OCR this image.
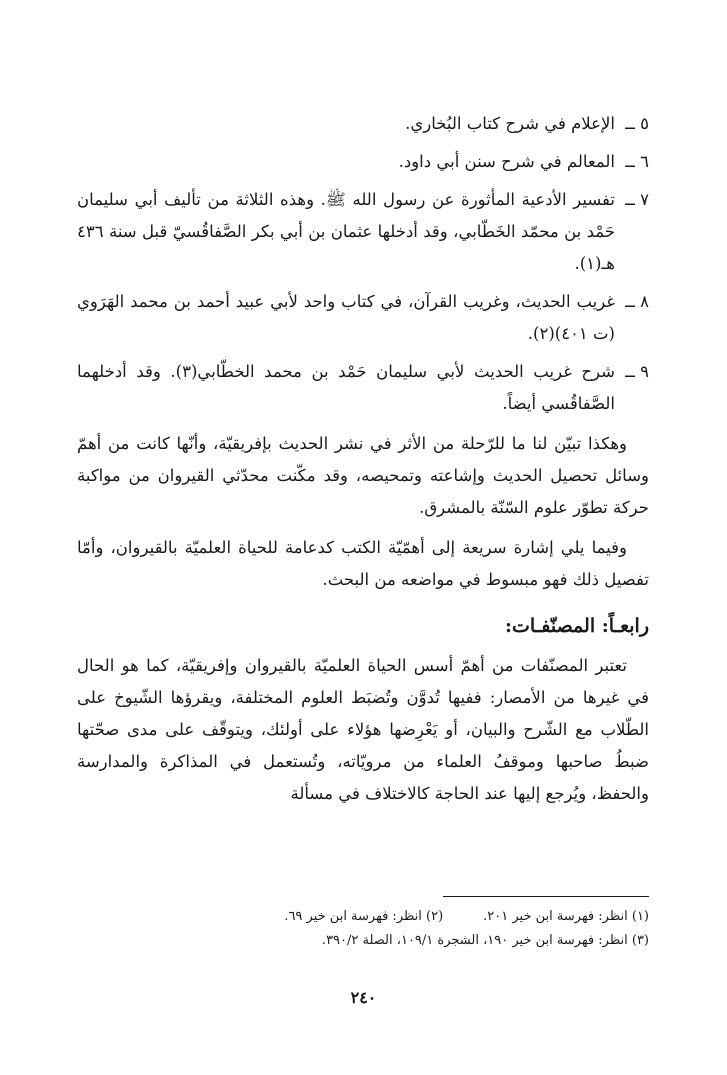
٥ ــ
الإعلام في شرح كتاب البُخاري.
٦ ــ
المعالم في شرح سنن أبي داود.
٧ ــ
تفسير الأدعية المأثورة عن رسول الله ﷺ. وهذه الثلاثة من تأليف أبي سليمان حَمْد بن محمّد الخَطّابي، وقد أدخلها عثمان بن أبي بكر الصَّفاقُسيّ قبل سنة ٤٣٦ هـ(١).
٨ ــ
غريب الحديث، وغريب القرآن، في كتاب واحد لأبي عبيد أحمد بن محمد الهَرَوي (ت ٤٠١)(٢).
٩ ــ
شرح غريب الحديث لأبي سليمان حَمْد بن محمد الخطّابي(٣). وقد أدخلهما الصَّفاقُسي أيضاً.

وهكذا تبيّن لنا ما للرّحلة من الأثر في نشر الحديث بإفريقيّة، وأنّها كانت من أهمّ وسائل تحصيل الحديث وإشاعته وتمحيصه، وقد مكّنت محدّثي القيروان من مواكبة حركة تطوّر علوم السّنّة بالمشرق.

وفيما يلي إشارة سريعة إلى أهمّيّة الكتب كدعامة للحياة العلميّة بالقيروان، وأمّا تفصيل ذلك فهو مبسوط في مواضعه من البحث.

رابعـاً: المصنّفـات:

تعتبر المصنّفات من أهمّ أسس الحياة العلميّة بالقيروان وإفريقيّة، كما هو الحال في غيرها من الأمصار: ففيها تُدوَّن وتُضبَط العلوم المختلفة، ويقرؤها الشّيوخ على الطّلاب مع الشّرح والبيان، أو يَعْرِضها هؤلاء على أولئك، ويتوقّف على مدى صحّتها ضبطُ صاحبها وموقفُ العلماء من مرويّاته، وتُستعمل في المذاكرة والمدارسة والحفظ، ويُرجع إليها عند الحاجة كالاختلاف في مسألة

(١) انظر: فهرسة ابن خير ٢٠١.
(٢) انظر: فهرسة ابن خير ٦٩.
(٣) انظر: فهرسة ابن خير ١٩٠، الشجرة ١٠٩/١، الصلة ٣٩٠/٢.
٢٤٠
